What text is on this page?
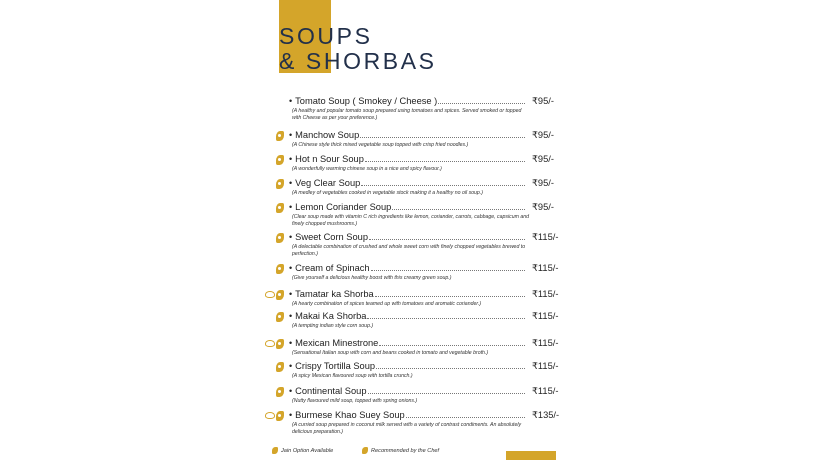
SOUPS
& SHORBAS
• Tomato Soup ( Smokey / Cheese )	₹95/-

(A healthy and popular tomato soup prepared using tomatoes and spices. Served smoked or topped with Cheese as per your preference.)

• Manchow Soup	₹95/-

(A Chinese style thick mixed vegetable soup topped with crisp fried noodles.)

• Hot n Sour Soup	₹95/-

(A wonderfully warming chinese soup in a nice and spicy flavour.)

• Veg Clear Soup	₹95/-

(A medley of vegetables cooked in vegetable stock making it a healthy no oil soup.)

• Lemon Coriander Soup	₹95/-

(Clear soup made with vitamin C rich ingredients like lemon, coriander, carrots, cabbage, capsicum and finely chopped mushrooms.)

• Sweet Corn Soup	₹115/-

(A delectable combination of crushed and whole sweet corn with finely chopped vegetables brewed to perfection.)

• Cream of Spinach	₹115/-

(Give yourself a delicious healthy boost with this creamy green soup.)

• Tamatar ka Shorba	₹115/-

(A hearty combination of spices teamed up with tomatoes and aromatic coriander.)

• Makai Ka Shorba	₹115/-

(A tempting indian style corn soup.)

• Mexican Minestrone	₹115/-

(Sensational Italian soup with corn and beans cooked in tomato and vegetable broth.)

• Crispy Tortilla Soup	₹115/-

(A spicy Mexican flavoured soup with tortilla crunch.)

• Continental Soup	₹115/-

(Nutty flavoured mild soup, topped with spring onions.)

• Burmese Khao Suey Soup	₹135/-

(A curried soup prepared in coconut milk served with a variety of contrast condiments. An absolutely delicious preparation.)

Jain Option Available	Recommended by the Chef
